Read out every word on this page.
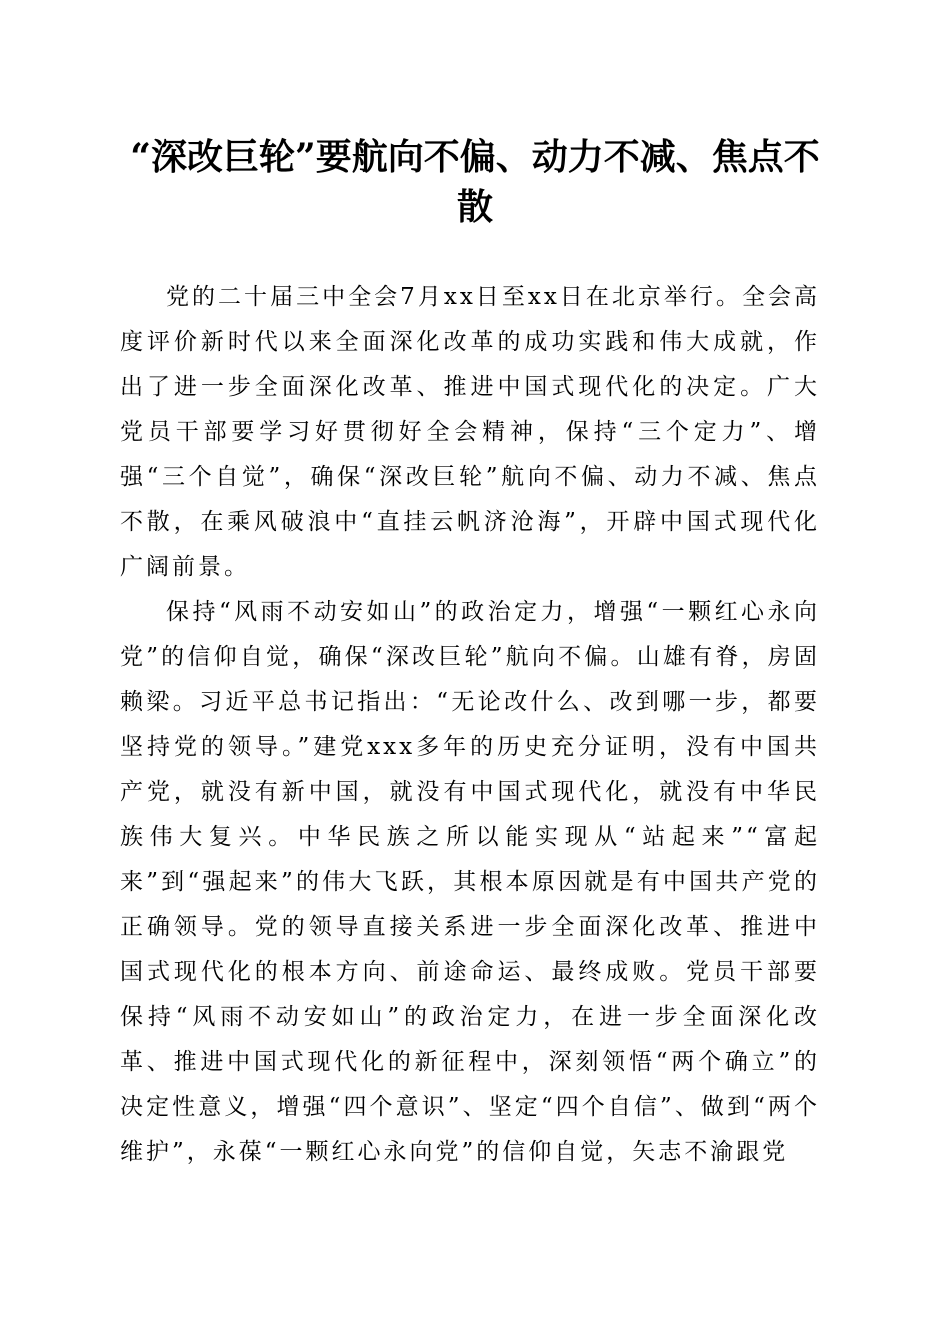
“深改巨轮”要航向不偏、动力不减、焦点不散

党的二十届三中全会7月xx日至xx日在北京举行。全会高度评价新时代以来全面深化改革的成功实践和伟大成就，作出了进一步全面深化改革、推进中国式现代化的决定。广大党员干部要学习好贯彻好全会精神，保持“三个定力”、增强“三个自觉”，确保“深改巨轮”航向不偏、动力不减、焦点不散，在乘风破浪中“直挂云帆济沧海”，开辟中国式现代化广阔前景。

保持“风雨不动安如山”的政治定力，增强“一颗红心永向党”的信仰自觉，确保“深改巨轮”航向不偏。山雄有脊，房固赖梁。习近平总书记指出：“无论改什么、改到哪一步，都要坚持党的领导。”建党xxx多年的历史充分证明，没有中国共产党，就没有新中国，就没有中国式现代化，就没有中华民族伟大复兴。中华民族之所以能实现从“站起来”“富起来”到“强起来”的伟大飞跃，其根本原因就是有中国共产党的正确领导。党的领导直接关系进一步全面深化改革、推进中国式现代化的根本方向、前途命运、最终成败。党员干部要保持“风雨不动安如山”的政治定力，在进一步全面深化改革、推进中国式现代化的新征程中，深刻领悟“两个确立”的决定性意义，增强“四个意识”、坚定“四个自信”、做到“两个维护”，永葆“一颗红心永向党”的信仰自觉，矢志不渝跟党
